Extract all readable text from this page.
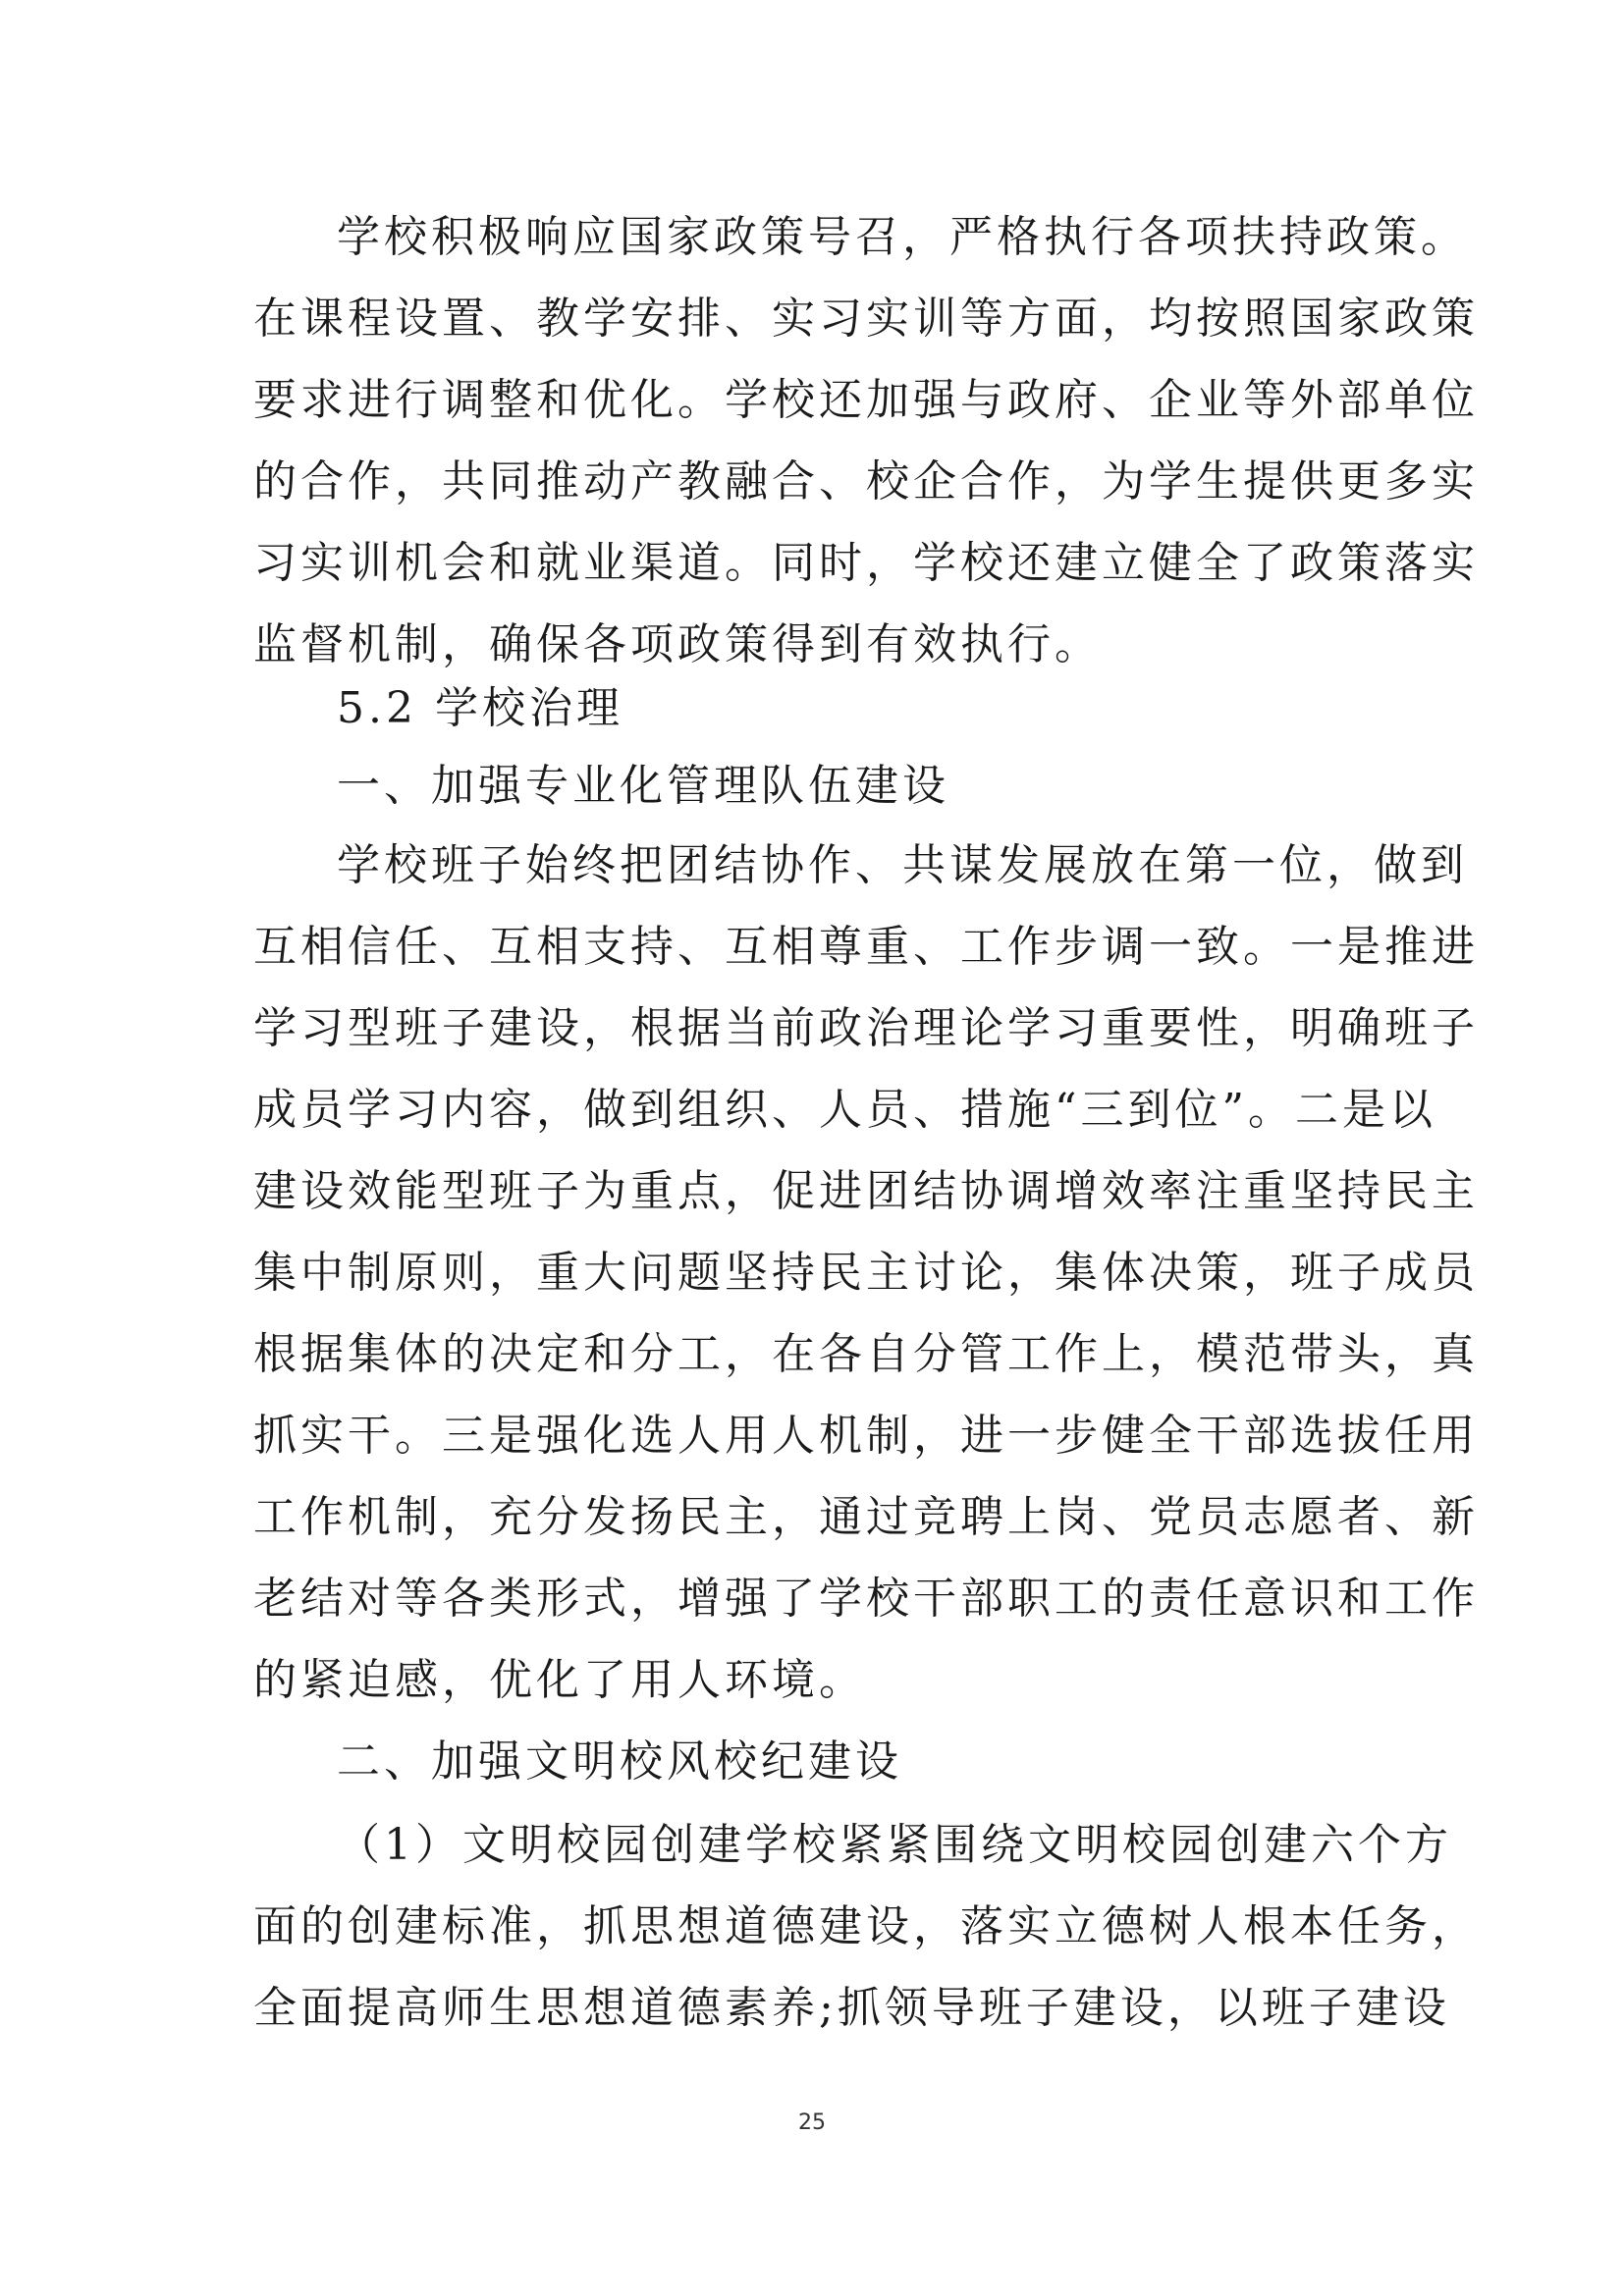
学校积极响应国家政策号召，严格执行各项扶持政策。
在课程设置、教学安排、实习实训等方面，均按照国家政策
要求进行调整和优化。学校还加强与政府、企业等外部单位
的合作，共同推动产教融合、校企合作，为学生提供更多实
习实训机会和就业渠道。同时，学校还建立健全了政策落实
监督机制，确保各项政策得到有效执行。
5.2 学校治理
一、加强专业化管理队伍建设
学校班子始终把团结协作、共谋发展放在第一位，做到
互相信任、互相支持、互相尊重、工作步调一致。一是推进
学习型班子建设，根据当前政治理论学习重要性，明确班子
成员学习内容，做到组织、人员、措施“三到位”。二是以
建设效能型班子为重点，促进团结协调增效率注重坚持民主
集中制原则，重大问题坚持民主讨论，集体决策，班子成员
根据集体的决定和分工，在各自分管工作上，模范带头，真
抓实干。三是强化选人用人机制，进一步健全干部选拔任用
工作机制，充分发扬民主，通过竞聘上岗、党员志愿者、新
老结对等各类形式，增强了学校干部职工的责任意识和工作
的紧迫感，优化了用人环境。
二、加强文明校风校纪建设
（1）文明校园创建学校紧紧围绕文明校园创建六个方
面的创建标准，抓思想道德建设，落实立德树人根本任务，
全面提高师生思想道德素养;抓领导班子建设，以班子建设
25
